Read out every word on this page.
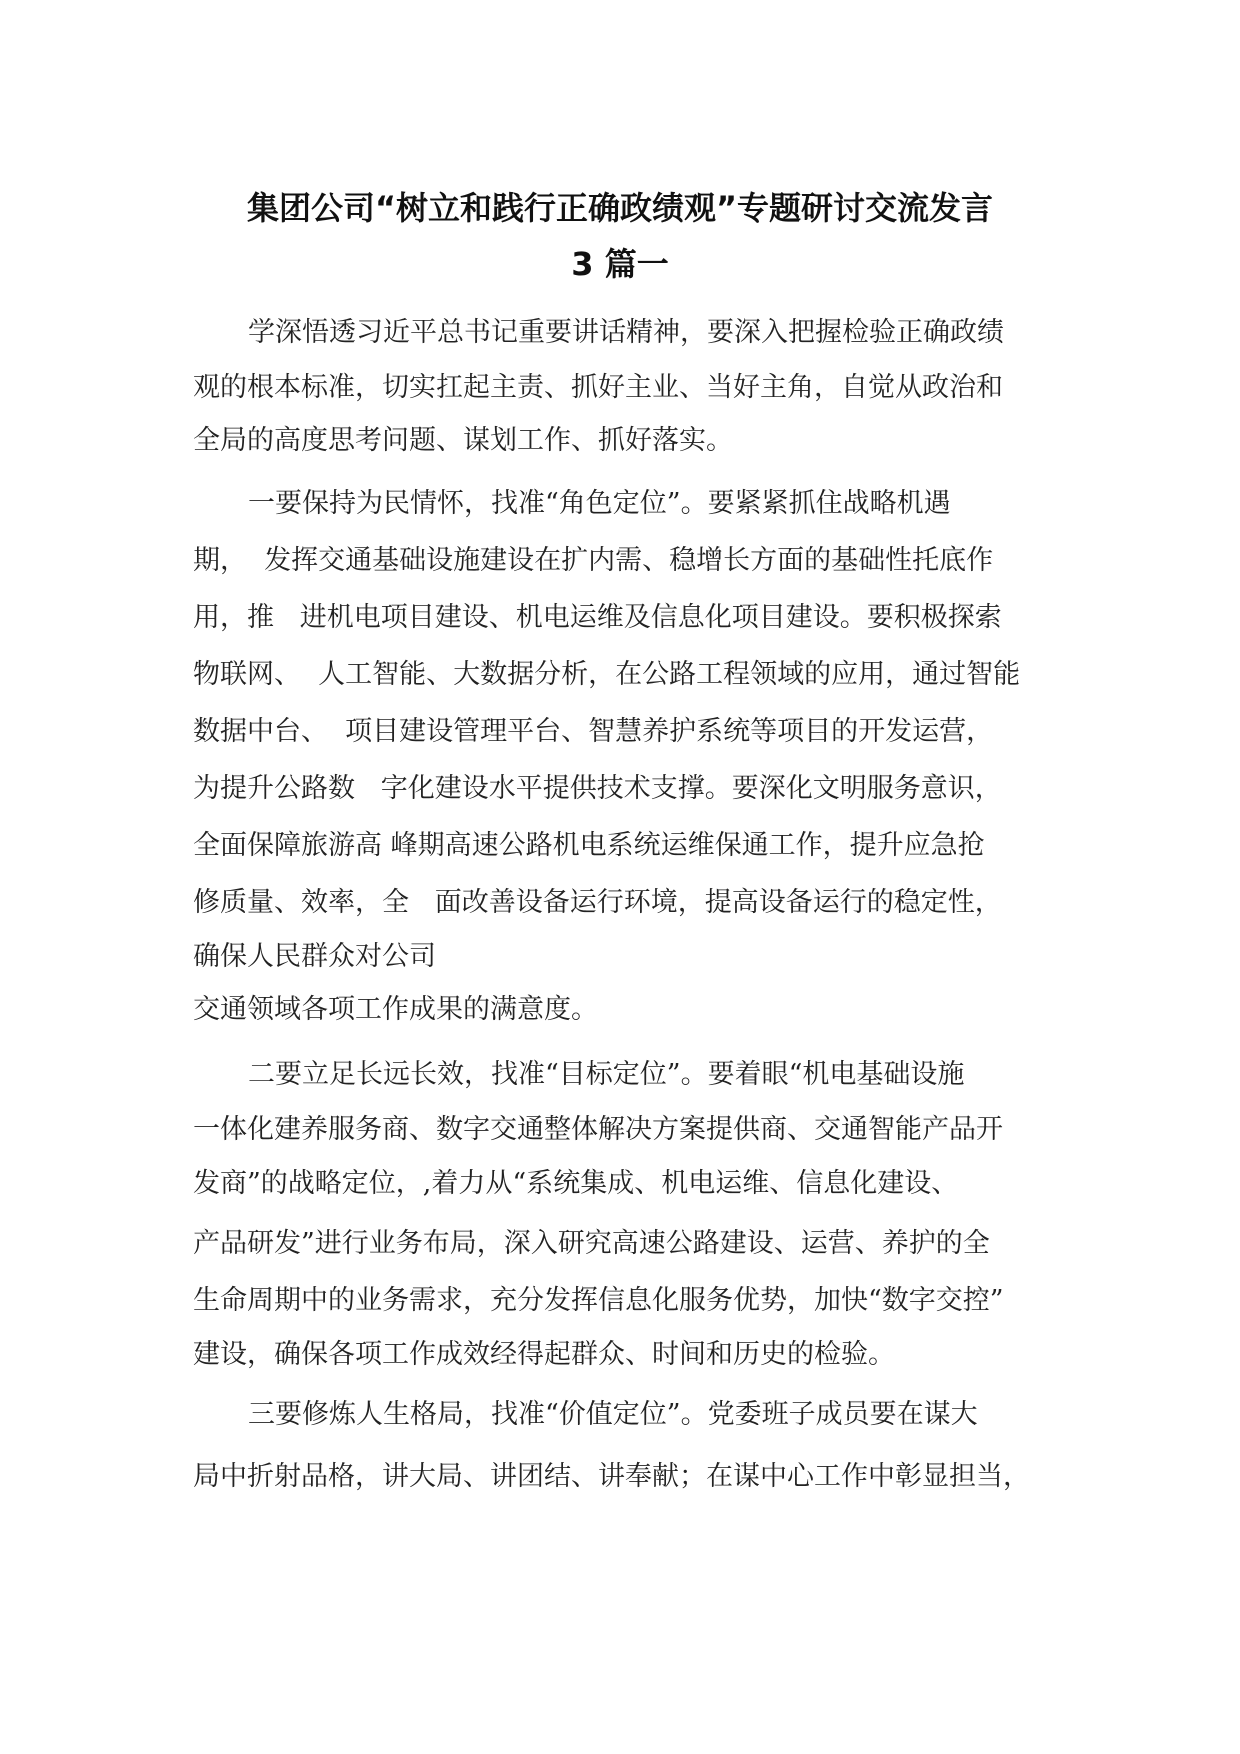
集团公司“树立和践行正确政绩观”专题研讨交流发言
3 篇一
学深悟透习近平总书记重要讲话精神，要深入把握检验正确政绩
观的根本标准，切实扛起主责、抓好主业、当好主角，自觉从政治和
全局的高度思考问题、谋划工作、抓好落实。
一要保持为民情怀，找准“角色定位”。要紧紧抓住战略机遇
期，  发挥交通基础设施建设在扩内需、稳增长方面的基础性托底作
用，推   进机电项目建设、机电运维及信息化项目建设。要积极探索
物联网、  人工智能、大数据分析，在公路工程领域的应用，通过智能
数据中台、  项目建设管理平台、智慧养护系统等项目的开发运营，
为提升公路数   字化建设水平提供技术支撑。要深化文明服务意识，
全面保障旅游高 峰期高速公路机电系统运维保通工作，提升应急抢
修质量、效率，全   面改善设备运行环境，提高设备运行的稳定性，
确保人民群众对公司
交通领域各项工作成果的满意度。
二要立足长远长效，找准“目标定位”。要着眼“机电基础设施
一体化建养服务商、数字交通整体解决方案提供商、交通智能产品开
发商”的战略定位，,着力从“系统集成、机电运维、信息化建设、
产品研发”进行业务布局，深入研究高速公路建设、运营、养护的全
生命周期中的业务需求，充分发挥信息化服务优势，加快“数字交控”
建设，确保各项工作成效经得起群众、时间和历史的检验。
三要修炼人生格局，找准“价值定位”。党委班子成员要在谋大
局中折射品格，讲大局、讲团结、讲奉献；在谋中心工作中彰显担当，
